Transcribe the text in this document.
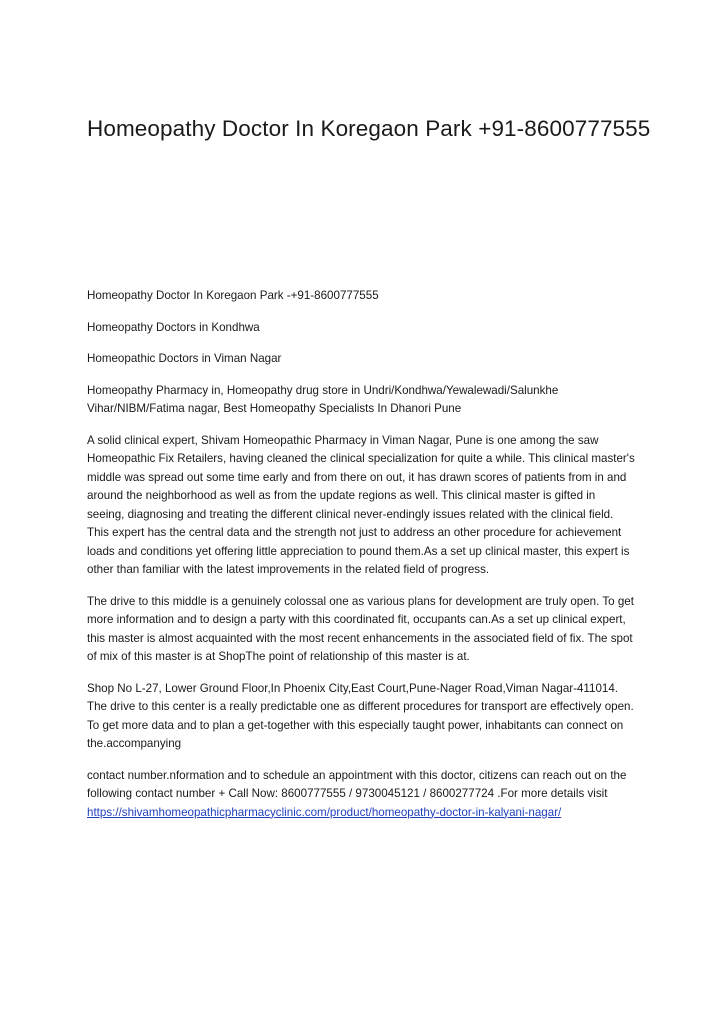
Homeopathy Doctor In Koregaon Park +91-8600777555

Homeopathy Doctor In Koregaon Park -+91-8600777555

Homeopathy Doctors in Kondhwa

Homeopathic Doctors in Viman Nagar

Homeopathy Pharmacy in, Homeopathy drug store in Undri/Kondhwa/Yewalewadi/Salunkhe Vihar/NIBM/Fatima nagar, Best Homeopathy Specialists In Dhanori Pune

A solid clinical expert, Shivam Homeopathic Pharmacy in Viman Nagar, Pune is one among the saw Homeopathic Fix Retailers, having cleaned the clinical specialization for quite a while. This clinical master's middle was spread out some time early and from there on out, it has drawn scores of patients from in and around the neighborhood as well as from the update regions as well. This clinical master is gifted in seeing, diagnosing and treating the different clinical never-endingly issues related with the clinical field. This expert has the central data and the strength not just to address an other procedure for achievement loads and conditions yet offering little appreciation to pound them.As a set up clinical master, this expert is other than familiar with the latest improvements in the related field of progress.

The drive to this middle is a genuinely colossal one as various plans for development are truly open. To get more information and to design a party with this coordinated fit, occupants can.As a set up clinical expert, this master is almost acquainted with the most recent enhancements in the associated field of fix. The spot of mix of this master is at ShopThe point of relationship of this master is at.

Shop No L-27, Lower Ground Floor,In Phoenix City,East Court,Pune-Nager Road,Viman Nagar-411014. The drive to this center is a really predictable one as different procedures for transport are effectively open. To get more data and to plan a get-together with this especially taught power, inhabitants can connect on the.accompanying

contact number.nformation and to schedule an appointment with this doctor, citizens can reach out on the following contact number + Call Now: 8600777555 / 9730045121 / 8600277724 .For more details visit https://shivamhomeopathicpharmacyclinic.com/product/homeopathy-doctor-in-kalyani-nagar/
